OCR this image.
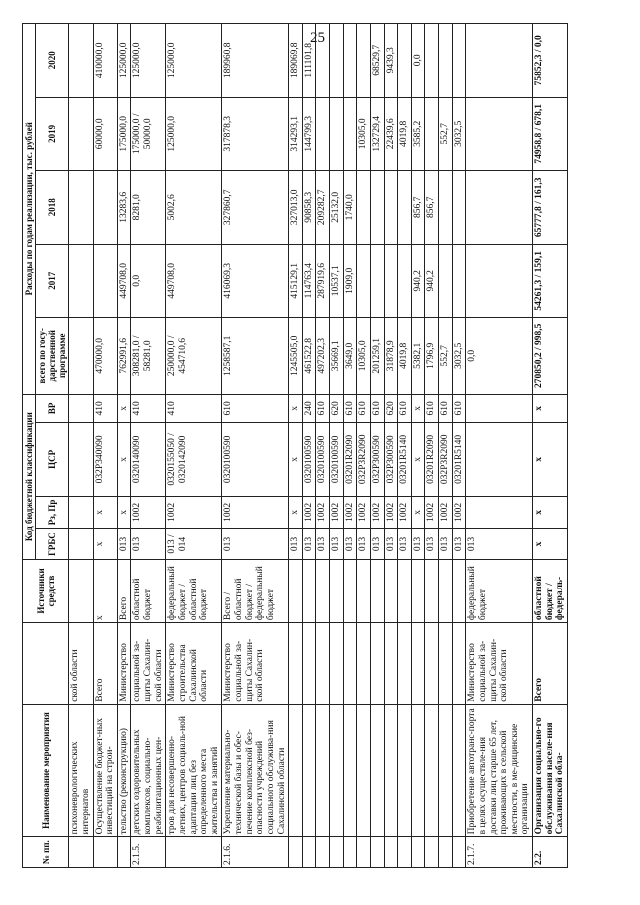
25
№ пп.	Наименование мероприятия		Источники средств	Код бюджетной классификации				Расходы по годам реализации, тыс. рублей				
				ГРБС	Рз, Пр	ЦСР	ВР	всего по госу-дарственной программе	2017	2018	2019	2020
	психоневрологических интернатов	ской области										
	Осуществление бюджет-ных инвестиций на строи-	Всего	x	x	x	032P340090	410	470000,0			60000,0	410000,0
	тельство (реконструкцию)	Министерство	Всего	013	x	x	x	762991,6	449708,0	13283,6	175000,0	125000,0
2.1.5.	детских оздоровительных комплексов, социально-реабилитационных цен-	социальной за-щиты Сахалин-ской области	областной бюджет	013	1002	0320140090	410	308281,0 / 58281,0	0,0	8281,0	175000,0 / 50000,0	125000,0
	тров для несовершенно-летних, центров социаль-ной адаптации лиц без определенного места жительства и занятий	Министерство строительства Сахалинской области	федеральный бюджет / областной бюджет	013 / 014	1002	0320155050 / 0320142090	410	250000,0 / 454710,6	449708,0	5002,6	125000,0	125000,0
2.1.6.	Укрепление материально-технической базы и обес-печение комплексной без-опасности учреждений социального обслужива-ния Сахалинской области	Министерство социальной за-щиты Сахалин-ской области	Всего / областной бюджет / федеральный бюджет	013	1002	0320100590	610	1258587,1	416069,3	327860,7	317878,3	189960,8
				013	x	x	x	1245505,0	415129,1	327013,0	314293,1	189069,8
				013	1002	0320100590	240	461522,8	114763,4	90858,3	144799,3	111101,8
				013	1002	0320100590	610	497202,3	287919,6	209282,7		
				013	1002	0320100590	620	35669,1	10537,1	25132,0		
				013	1002	03201R2090	610	3649,0	1909,0	1740,0		
				013	1002	032P3R2090	610	10305,0			10305,0	
				013	1002	032P300590	610	201259,1			132729,4	68529,7
				013	1002	032P300590	620	31878,9			22439,6	9439,3
				013	1002	03201R5140	610	4019,8			4019,8	
				013	x	x	x	5382,1	940,2	856,7	3585,2	0,0
				013	1002	03201R2090	610	1796,9	940,2	856,7		
				013	1002	032P3R2090	610	552,7			552,7	
				013	1002	03201R5140	610	3032,5			3032,5	
2.1.7.	Приобретение автотранс-порта в целях осуществле-ния доставки лиц старше 65 лет, проживающих в сельской местности, в ме-дицинские организации	Министерство социальной за-щиты Сахалин-ской области	федеральный бюджет	013				0,0				
2.2.	Организация социально-го обслуживания населе-ния Сахалинской обла-	Всего	областной бюджет / федераль-	x	x	x	x	270850,2 / 998,5	54261,3 / 159,1	65777,8 / 161,3	74958,8 / 678,1	75852,3 / 0,0
